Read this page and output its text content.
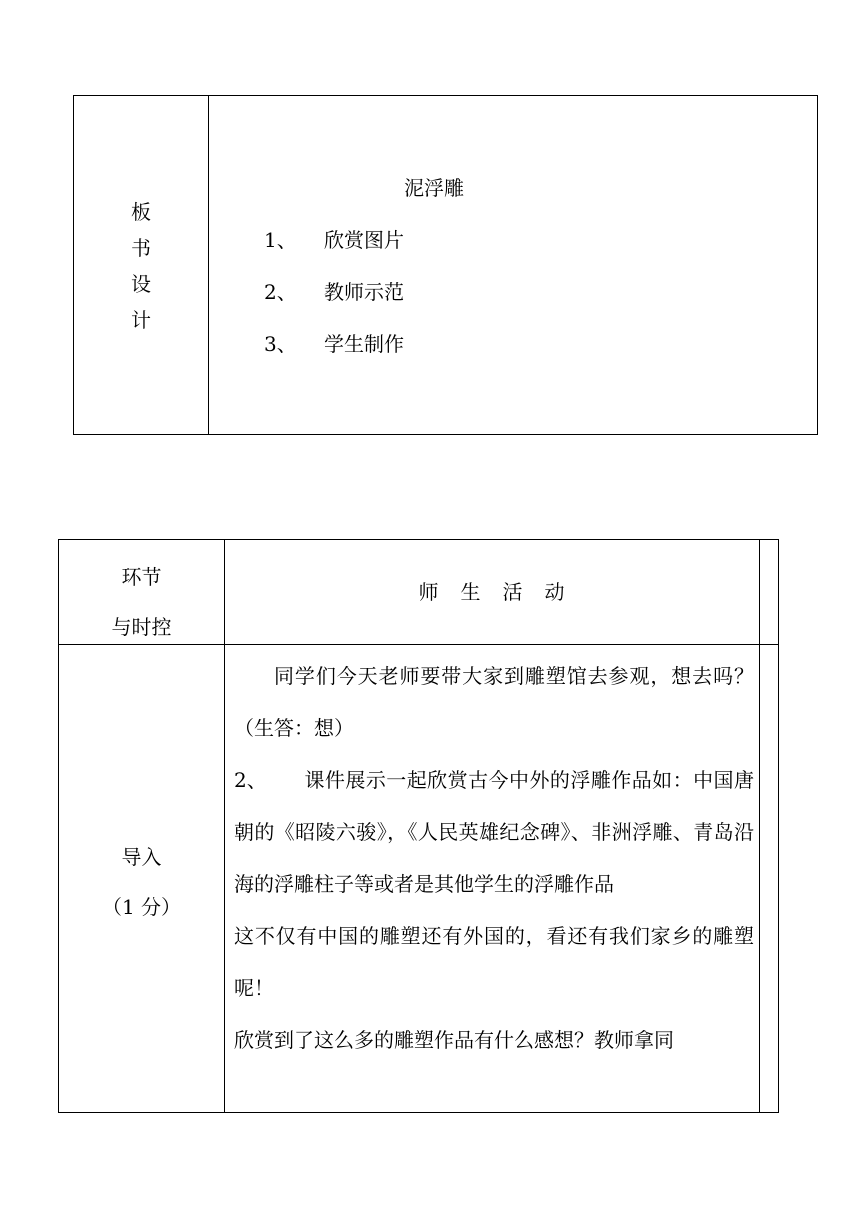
板
书
设
计
泥浮雕
1、 欣赏图片
2、 教师示范
3、 学生制作
环节
与时控
师生活动
导入
（1 分）

同学们今天老师要带大家到雕塑馆去参观，想去吗？（生答：想）

2、 课件展示一起欣赏古今中外的浮雕作品如：中国唐朝的《昭陵六骏》，《人民英雄纪念碑》、非洲浮雕、青岛沿海的浮雕柱子等或者是其他学生的浮雕作品

这不仅有中国的雕塑还有外国的，看还有我们家乡的雕塑呢！

欣赏到了这么多的雕塑作品有什么感想？教师拿同
